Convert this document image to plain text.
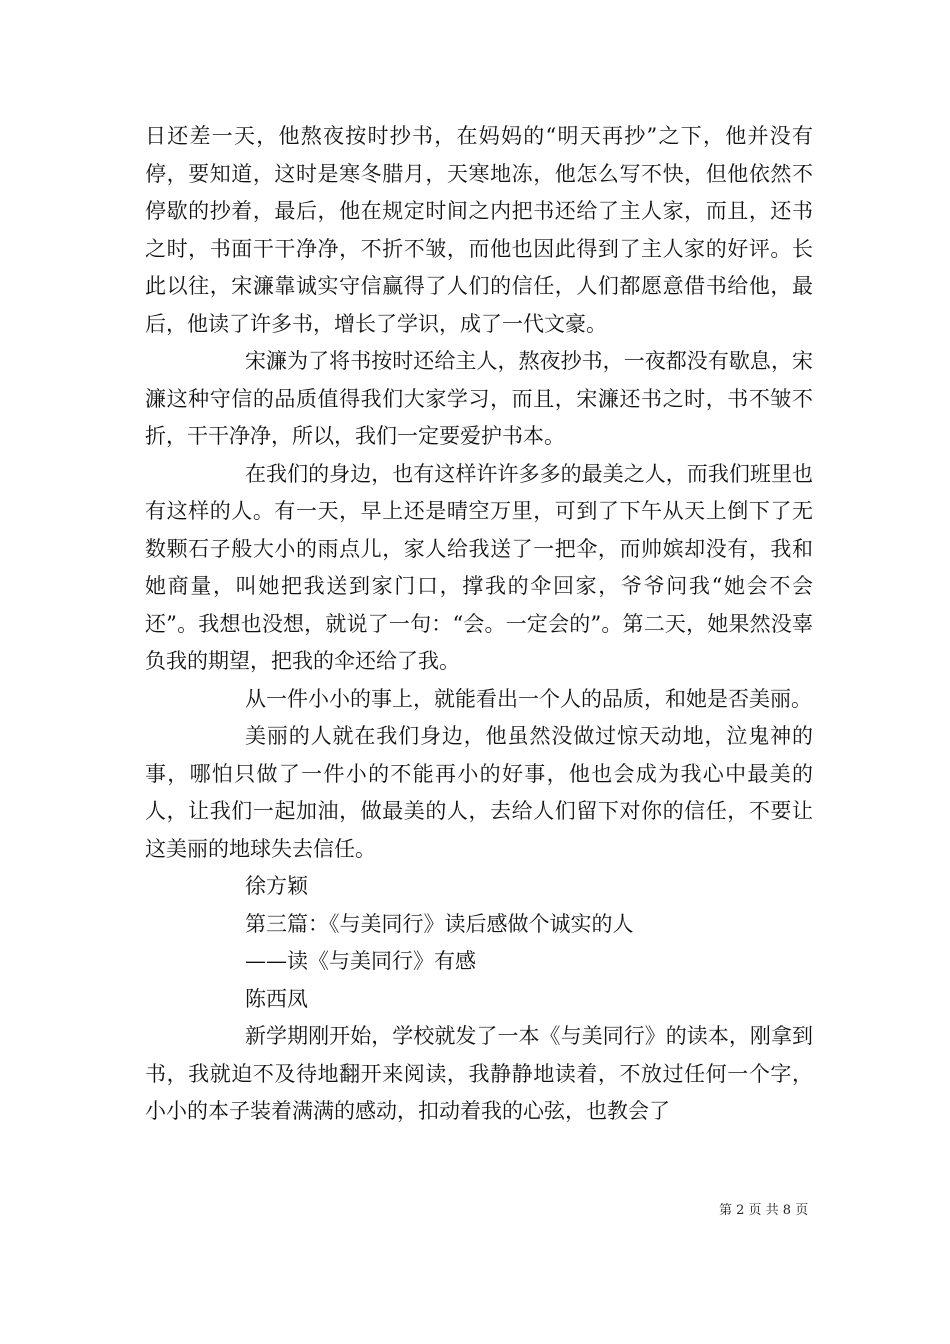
日还差一天，他熬夜按时抄书，在妈妈的“明天再抄”之下，他并没有停，要知道，这时是寒冬腊月，天寒地冻，他怎么写不快，但他依然不停歇的抄着，最后，他在规定时间之内把书还给了主人家，而且，还书之时，书面干干净净，不折不皱，而他也因此得到了主人家的好评。长此以往，宋濂靠诚实守信赢得了人们的信任，人们都愿意借书给他，最后，他读了许多书，增长了学识，成了一代文豪。

宋濂为了将书按时还给主人，熬夜抄书，一夜都没有歇息，宋濂这种守信的品质值得我们大家学习，而且，宋濂还书之时，书不皱不折，干干净净，所以，我们一定要爱护书本。

在我们的身边，也有这样许许多多的最美之人，而我们班里也有这样的人。有一天，早上还是晴空万里，可到了下午从天上倒下了无数颗石子般大小的雨点儿，家人给我送了一把伞，而帅嫔却没有，我和她商量，叫她把我送到家门口，撑我的伞回家，爷爷问我“她会不会还”。我想也没想，就说了一句：“会。一定会的”。第二天，她果然没辜负我的期望，把我的伞还给了我。

从一件小小的事上，就能看出一个人的品质，和她是否美丽。

美丽的人就在我们身边，他虽然没做过惊天动地，泣鬼神的事，哪怕只做了一件小的不能再小的好事，他也会成为我心中最美的人，让我们一起加油，做最美的人，去给人们留下对你的信任，不要让这美丽的地球失去信任。

徐方颖

第三篇：《与美同行》读后感做个诚实的人

——读《与美同行》有感

陈西凤

新学期刚开始，学校就发了一本《与美同行》的读本，刚拿到书，我就迫不及待地翻开来阅读，我静静地读着，不放过任何一个字，小小的本子装着满满的感动，扣动着我的心弦，也教会了

第 2 页 共 8 页
